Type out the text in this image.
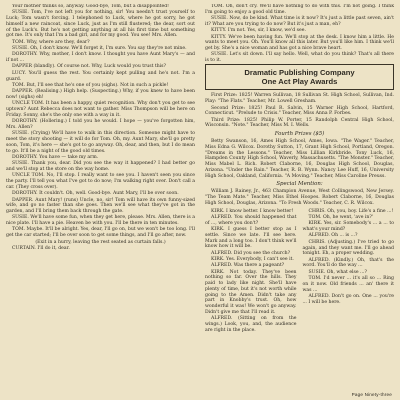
Your mother thinks so, anyway. Good-bye, Tom, but a disappointed!

SUSIE. Tom, I've not left you for nothing, sir! You needn't trust yourself to Luck; Tom wasn't forcing. I telephoned to Luck, where he got sorry, he got himself a new raincoat, since Luck, just as I'm still flustered; the dear, sort out of the Luck's. But he's not getting anything at all his first time but something got me. It's only that I'm a bad girl, and for my good. You see! Mrs. Allen.

TOM. Why, where are they, dear?

SUSIE. Oh, I don't know. We'll forget it, I'm sure. You say they're not mine.

DOROTHY. Why, mother, I don't know. I thought you have Aunt Mary's — and if not ...

DAPPER (blandly). Of course not. Why, Luck would you trust this?

LUCY. You'll guess the rest. You certainly kept pulling and he's not. I'm a guard.

TOM. But, I'll see that he's one of you (sighs). Not in such a pickle!

DAPPER. (Realising.) High help. (Suspecting.) Why, if you knew to have been now! (sighs) eh!

UNCLE TOM. It has been a happy, quiet recognition. Why don't you get to see uptown? Aunt Rebecca does not want to gather. Miss Thompson will be here on Friday. Sonny, she's the only one with a way in it.

DOROTHY. (Hollering.) I told you he would. I hope — you've forgotten him, Mrs. Allen?

SUSIE. (Crying) We'll have to walk in this direction. Someone might have to meet the story shooting — it will do for Tom. Oh, my. Aunt Mary, she'll go pretty soon, Tom, it's here — she's got to go anyway. Oh, dear, and then, but I do mean to go. It'll be a night of the good old times.

DOROTHY. You have — take my arm.

SUSIE. Thank you, dear. Did you see the way it happened? I had better go and we'll stop at the store on the way home.

UNCLE TOM. No, I'll stop. I really want to see you. I haven't seen you since the party. I'll tell you what I've got to do now; I'm walking right over. Don't call a car. (They cross over).

DOROTHY. It couldn't. Oh, well. Good-bye. Aunt Mary, I'll be over soon.

DAPPER. Aunt Mary! (runs) Uncle, no, sir! Tom will have its own funny-sized wife, and go no faster than she goes. Then we'll see what they've got in the garden, and I'll bring them back through the gate.

SUSIE. We'll have some fun, when they get here, please. Mrs. Allen, there is a nice plate. I'll have a pie. Heaven be with you. I'll be there in ten minutes.

TOM. Maybe. It'll be alright. Yes, dear, I'll go on, but we won't be too long. I'll get the car started; I'll be over soon to get some things, and I'll go after, now.

(Exit in a hurry, leaving the rest seated as curtain falls.)

CURTAIN. I'll do it, dear.

TOM. Oh, don't cry. We'll have nothing to do with this. I'm not going. I think I'm going to enjoy a good old time.

SUSIE. Now, do be kind. What time is it now? It's just a little past seven, ain't it? What are you trying to do now? But it's just a man, eh?

KITTY. I'm not. Yes, sir, I know, we'd see.

KITTY. We've been having fun. We'll stop at the desk. I know him a little. He wants to meet you. Oh. You'll know all this later. But you'll like him. I think we'll get by. She's a nice woman and has got a nice brave heart.

SUSIE. Let's sit down. I'll say hello. Well, what do you think? That's all there is to it.

Dramatic Publishing Company
One Act Play Awards

First Prize: 1825! Warren Sullivan, 18 Sullivan St. High School, Sullivan, Ind. Play: "The Flats." Teacher, Mr. Lowell Gresham.

Second Prize: 1825! Paul R. Salvin, 15 Warner High School, Hartford, Connecticut. "Prelude to Crisis." Teacher, Miss Anna P. Forbes.

Third Prize: 1825! Philip W. Porter, 15 Randolph Central High School, Wisconsin. "Note." Teacher, Miss M. I. Wells.

Fourth Prizes ($5)

Betty Swanson, 16, Ames High School, Ames, Iowa. "The Wager." Teacher, Miss Edna G. Wilcox. Dorothy Sutton, 17, Grant High School, Portland, Oregon. "Dreams in the Lessons." Teacher, Miss Lillian Kirkbride. Tony Luck, 16, Hampden County High School, Waverly, Massachusetts. "The Monster." Teacher, Miss Mabel L. Rich. Robert Claborne, 16, Douglas High School, Douglas, Arizona. "Under the Rain." Teacher, R. B. Wynn. Nancy Lee Huff, 16, University High School, Oakland, California. "A Moving." Teacher, Miss Caroline Preuss.

Special Mention:

William J. Rainey, Jr., 463 Champion Avenue, West Collingswood, New Jersey. "The Team Mate." Teacher, Miss Ethel Hoopes. Robert Claborne, 16, Douglas High School, Douglas, Arizona. "To Fresh Woods." Teacher, C. R. Wilcox.

KIRK. I know better. I know better!

ALFRED. You should happened that of ..., where you don't?

KIRK. I guess I better stop as I settle. Since we late. I'll see here. Mark and a long too. I don't think we'll know how it will be.

ALFRED. Did you see the church?

KIRK. Yes. Everybody, I can't see it.

ALFRED. Was there a pageant?

KIRK. Not today. They've been nothing so far. Over the hills. They paid to lady like night. She'll have plenty of time, but it's not worth while going to the Amen. Didn't take any part in Knobby's trust. Oh, how wonderful it was! We won't go anyway. Didn't give me that I'll read it.

ALFRED. (Sitting on from the wings.) Look, you, and, the audience are right in the place.

CHRIS. Oh, you, boy. Life's a fine ...!

TOM. Oh, he went, 'ave in?'

KIRK. Yes, sir. Somebody's ... a ... to what's your mind?

ALFRED. Oh ... is ...?

CHRIS. (Adjusting.) I've tried to go again, and they want me. I'll go ahead tonight. Eh, a proper wedding.

ALFRED. (Kindly.) Oh, that's the word. You'll do the way ...

SUSIE. Oh, what else ...?

TOM. I'd never ... it's all so ... Ring on it now. Old friends ... an' there it was ...

ALFRED. Don't go on. One ... you're ... I will be here.

Page Ninety-three
